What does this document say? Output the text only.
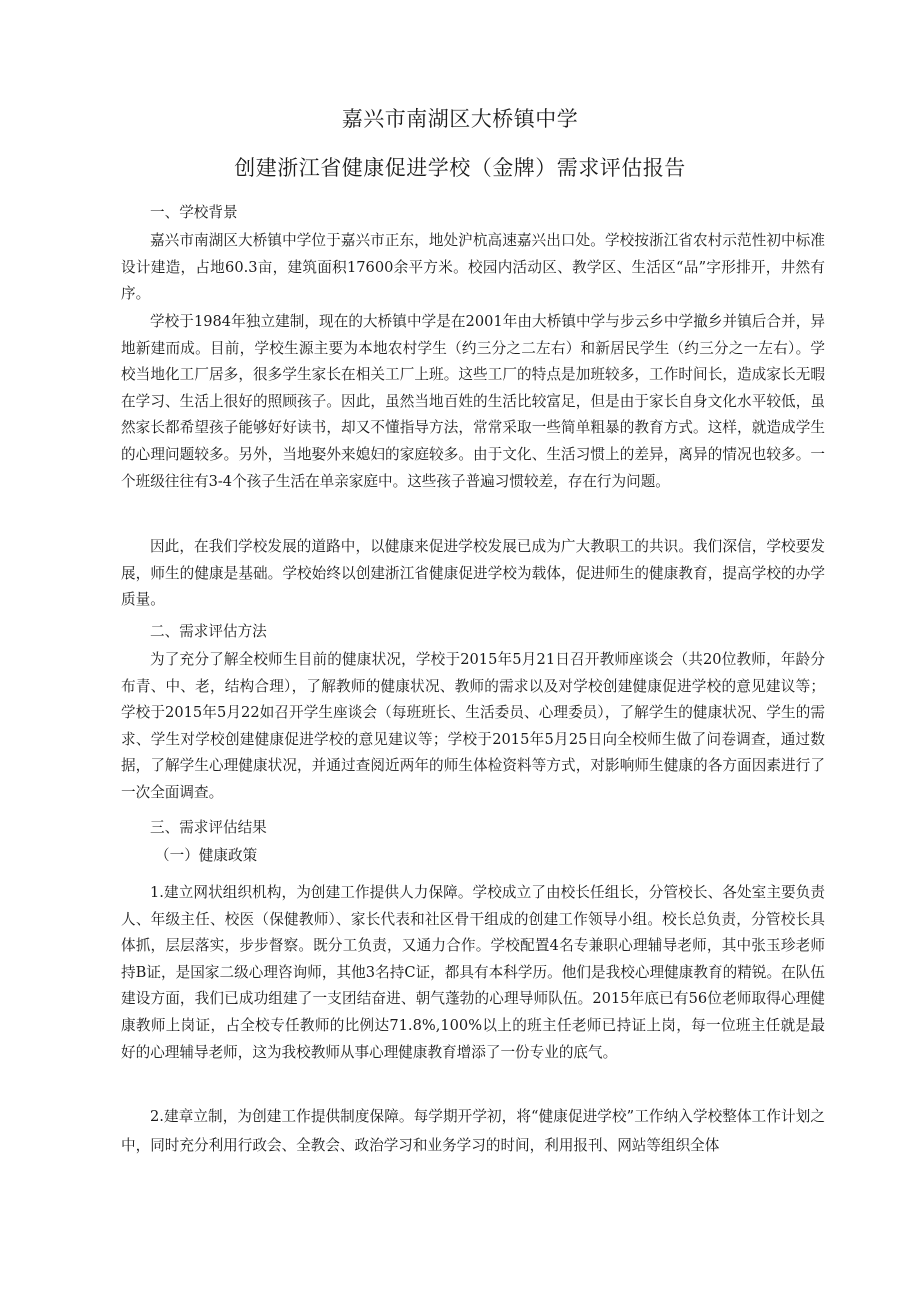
嘉兴市南湖区大桥镇中学
创建浙江省健康促进学校（金牌）需求评估报告
一、学校背景

嘉兴市南湖区大桥镇中学位于嘉兴市正东，地处沪杭高速嘉兴出口处。学校按浙江省农村示范性初中标准设计建造，占地60.3亩，建筑面积17600余平方米。校园内活动区、教学区、生活区“品”字形排开，井然有序。

学校于1984年独立建制，现在的大桥镇中学是在2001年由大桥镇中学与步云乡中学撤乡并镇后合并，异地新建而成。目前，学校生源主要为本地农村学生（约三分之二左右）和新居民学生（约三分之一左右）。学校当地化工厂居多，很多学生家长在相关工厂上班。这些工厂的特点是加班较多，工作时间长，造成家长无暇在学习、生活上很好的照顾孩子。因此，虽然当地百姓的生活比较富足，但是由于家长自身文化水平较低，虽然家长都希望孩子能够好好读书，却又不懂指导方法，常常采取一些简单粗暴的教育方式。这样，就造成学生的心理问题较多。另外，当地娶外来媳妇的家庭较多。由于文化、生活习惯上的差异，离异的情况也较多。一个班级往往有3-4个孩子生活在单亲家庭中。这些孩子普遍习惯较差，存在行为问题。

因此，在我们学校发展的道路中，以健康来促进学校发展已成为广大教职工的共识。我们深信，学校要发展，师生的健康是基础。学校始终以创建浙江省健康促进学校为载体，促进师生的健康教育，提高学校的办学质量。

二、需求评估方法

为了充分了解全校师生目前的健康状况，学校于2015年5月21日召开教师座谈会（共20位教师，年龄分布青、中、老，结构合理），了解教师的健康状况、教师的需求以及对学校创建健康促进学校的意见建议等；学校于2015年5月22如召开学生座谈会（每班班长、生活委员、心理委员），了解学生的健康状况、学生的需求、学生对学校创建健康促进学校的意见建议等；学校于2015年5月25日向全校师生做了问卷调查，通过数据，了解学生心理健康状况，并通过查阅近两年的师生体检资料等方式，对影响师生健康的各方面因素进行了一次全面调查。

三、需求评估结果
（一）健康政策

1.建立网状组织机构，为创建工作提供人力保障。学校成立了由校长任组长，分管校长、各处室主要负责人、年级主任、校医（保健教师）、家长代表和社区骨干组成的创建工作领导小组。校长总负责，分管校长具体抓，层层落实，步步督察。既分工负责，又通力合作。学校配置4名专兼职心理辅导老师，其中张玉珍老师持B证，是国家二级心理咨询师，其他3名持C证，都具有本科学历。他们是我校心理健康教育的精锐。在队伍建设方面，我们已成功组建了一支团结奋进、朝气蓬勃的心理导师队伍。2015年底已有56位老师取得心理健康教师上岗证，占全校专任教师的比例达71.8%,100%以上的班主任老师已持证上岗，每一位班主任就是最好的心理辅导老师，这为我校教师从事心理健康教育增添了一份专业的底气。

2.建章立制，为创建工作提供制度保障。每学期开学初，将“健康促进学校”工作纳入学校整体工作计划之中，同时充分利用行政会、全教会、政治学习和业务学习的时间，利用报刊、网站等组织全体
